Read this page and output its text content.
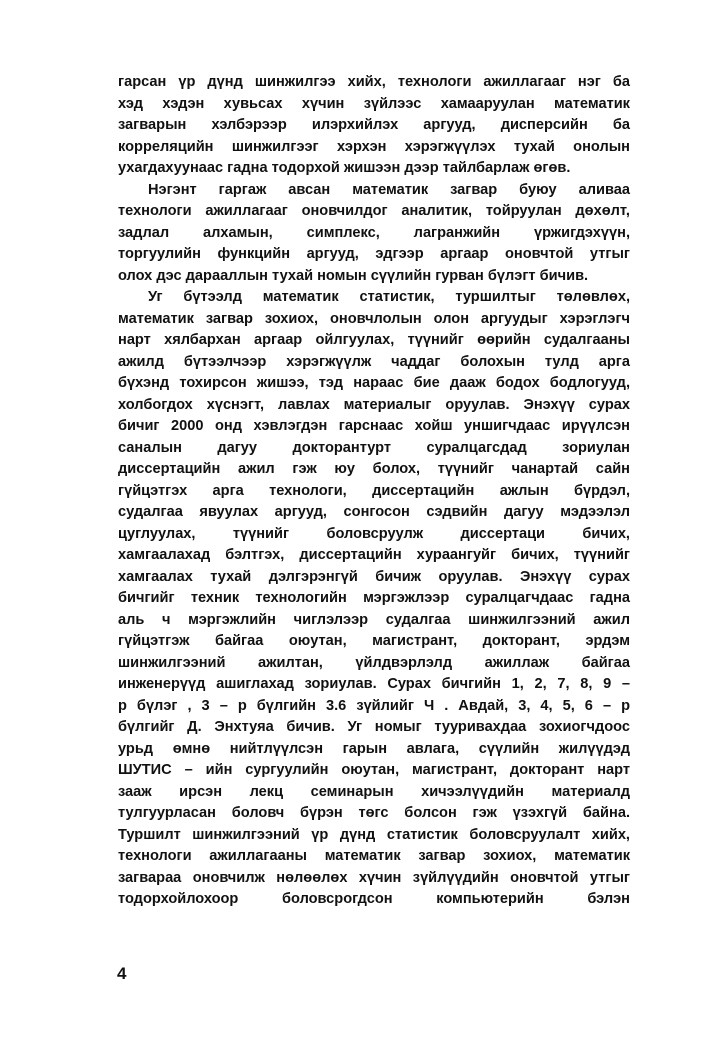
гарсан үр дүнд шинжилгээ хийх, технологи ажиллагааг нэг ба
хэд хэдэн хувьсах хүчин зүйлээс хамааруулан математик
загварын хэлбэрээр илэрхийлэх аргууд, дисперсийн ба
корреляцийн шинжилгээг хэрхэн хэрэгжүүлэх тухай онолын
ухагдахуунаас гадна тодорхой жишээн дээр тайлбарлаж өгөв.
Нэгэнт гаргаж авсан математик загвар буюу аливаа
технологи ажиллагааг оновчилдог аналитик, тойруулан дөхөлт,
задлал алхамын, симплекс, лагранжийн үржигдэхүүн,
торгуулийн функцийн аргууд, эдгээр аргаар оновчтой утгыг
олох дэс дарааллын тухай номын сүүлийн гурван бүлэгт бичив.
Уг бүтээлд математик статистик, туршилтыг төлөвлөх,
математик загвар зохиох, оновчлолын олон аргуудыг хэрэглэгч
нарт хялбархан аргаар ойлгуулах, түүнийг өөрийн судалгааны
ажилд бүтээлчээр хэрэгжүүлж чаддаг болохын тулд арга
бүхэнд тохирсон жишээ, тэд нараас бие дааж бодох бодлогууд,
холбогдох хүснэгт, лавлах материалыг оруулав. Энэхүү сурах
бичиг 2000 онд хэвлэгдэн гарснаас хойш уншигчдаас ирүүлсэн
саналын дагуу докторантурт суралцагсдад зориулан
диссертацийн ажил гэж юу болох, түүнийг чанартай сайн
гүйцэтгэх арга технологи, диссертацийн ажлын бүрдэл,
судалгаа явуулах аргууд, сонгосон сэдвийн дагуу мэдээлэл
цуглуулах, түүнийг боловсруулж диссертаци бичих,
хамгаалахад бэлтгэх, диссертацийн хураангуйг бичих, түүнийг
хамгаалах тухай дэлгэрэнгүй бичиж оруулав. Энэхүү сурах
бичгийг техник технологийн мэргэжлээр суралцагчдаас гадна
аль ч мэргэжлийн чиглэлээр судалгаа шинжилгээний ажил
гүйцэтгэж байгаа оюутан, магистрант, докторант, эрдэм
шинжилгээний ажилтан, үйлдвэрлэлд ажиллаж байгаа
инженерүүд ашиглахад зориулав. Сурах бичгийн 1, 2, 7, 8, 9 –
р бүлэг , 3 – р бүлгийн 3.6 зүйлийг Ч . Авдай, 3, 4, 5, 6 – р
бүлгийг Д. Энхтуяа бичив. Уг номыг тууривахдаа зохиогчдоос
урьд өмнө нийтлүүлсэн гарын авлага, сүүлийн жилүүдэд
ШУТИС – ийн сургуулийн оюутан, магистрант, докторант нарт
зааж ирсэн лекц семинарын хичээлүүдийн материалд
тулгуурласан боловч бүрэн төгс болсон гэж үзэхгүй байна.
Туршилт шинжилгээний үр дүнд статистик боловсруулалт хийх,
технологи ажиллагааны математик загвар зохиох, математик
загвараа оновчилж нөлөөлөх хүчин зүйлүүдийн оновчтой утгыг
тодорхойлохоор боловсрогдсон компьютерийн бэлэн
4
